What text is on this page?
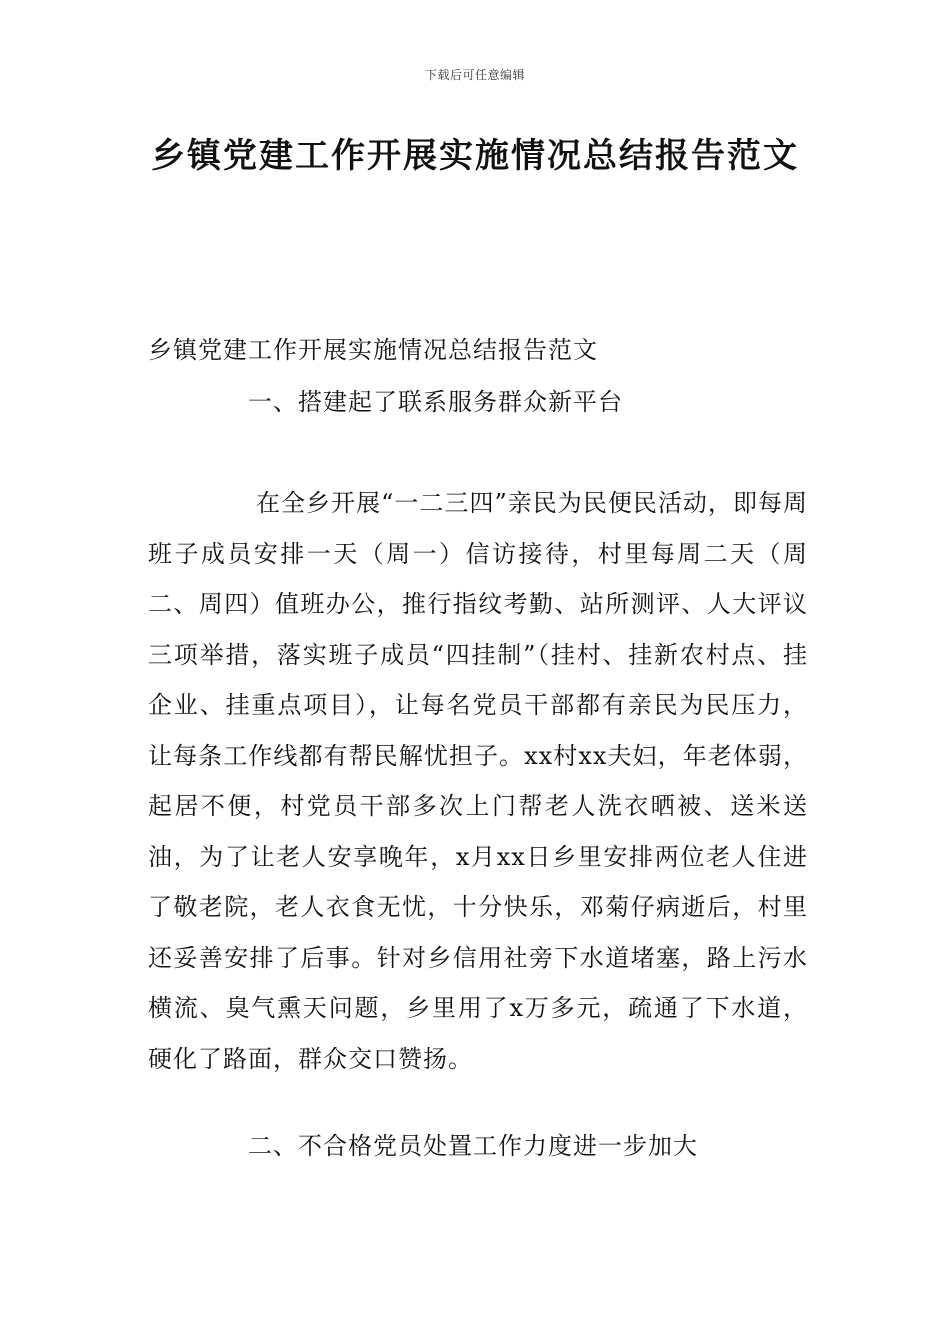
下载后可任意编辑
乡镇党建工作开展实施情况总结报告范文
乡镇党建工作开展实施情况总结报告范文
一、搭建起了联系服务群众新平台

在全乡开展“一二三四”亲民为民便民活动，即每周班子成员安排一天（周一）信访接待，村里每周二天（周二、周四）值班办公，推行指纹考勤、站所测评、人大评议三项举措，落实班子成员“四挂制”（挂村、挂新农村点、挂企业、挂重点项目），让每名党员干部都有亲民为民压力，让每条工作线都有帮民解忧担子。xx村xx夫妇，年老体弱，起居不便，村党员干部多次上门帮老人洗衣晒被、送米送油，为了让老人安享晚年，x月xx日乡里安排两位老人住进了敬老院，老人衣食无忧，十分快乐，邓菊仔病逝后，村里还妥善安排了后事。针对乡信用社旁下水道堵塞，路上污水横流、臭气熏天问题，乡里用了x万多元，疏通了下水道，硬化了路面，群众交口赞扬。

二、不合格党员处置工作力度进一步加大
